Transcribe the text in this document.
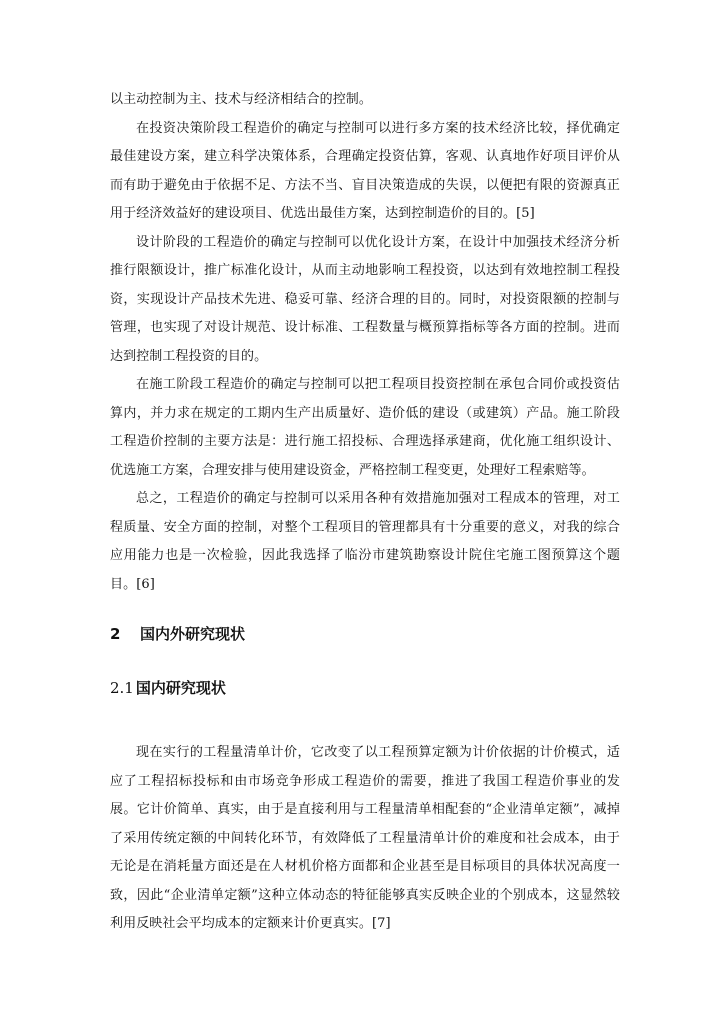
以主动控制为主、技术与经济相结合的控制。

在投资决策阶段工程造价的确定与控制可以进行多方案的技术经济比较，择优确定最佳建设方案，建立科学决策体系，合理确定投资估算，客观、认真地作好项目评价从而有助于避免由于依据不足、方法不当、盲目决策造成的失误，以便把有限的资源真正用于经济效益好的建设项目、优选出最佳方案，达到控制造价的目的。[5]

设计阶段的工程造价的确定与控制可以优化设计方案，在设计中加强技术经济分析推行限额设计，推广标准化设计，从而主动地影响工程投资，以达到有效地控制工程投资，实现设计产品技术先进、稳妥可靠、经济合理的目的。同时，对投资限额的控制与管理，也实现了对设计规范、设计标准、工程数量与概预算指标等各方面的控制。进而达到控制工程投资的目的。

在施工阶段工程造价的确定与控制可以把工程项目投资控制在承包合同价或投资估算内，并力求在规定的工期内生产出质量好、造价低的建设（或建筑）产品。施工阶段工程造价控制的主要方法是：进行施工招投标、合理选择承建商，优化施工组织设计、优选施工方案，合理安排与使用建设资金，严格控制工程变更，处理好工程索赔等。

总之，工程造价的确定与控制可以采用各种有效措施加强对工程成本的管理，对工程质量、安全方面的控制，对整个工程项目的管理都具有十分重要的意义，对我的综合应用能力也是一次检验，因此我选择了临汾市建筑勘察设计院住宅施工图预算这个题目。[6]

2 国内外研究现状
2.1 国内研究现状

现在实行的工程量清单计价，它改变了以工程预算定额为计价依据的计价模式，适应了工程招标投标和由市场竞争形成工程造价的需要，推进了我国工程造价事业的发展。它计价简单、真实，由于是直接利用与工程量清单相配套的“企业清单定额”，减掉了采用传统定额的中间转化环节，有效降低了工程量清单计价的难度和社会成本，由于无论是在消耗量方面还是在人材机价格方面都和企业甚至是目标项目的具体状况高度一致，因此“企业清单定额”这种立体动态的特征能够真实反映企业的个别成本，这显然较利用反映社会平均成本的定额来计价更真实。[7]
